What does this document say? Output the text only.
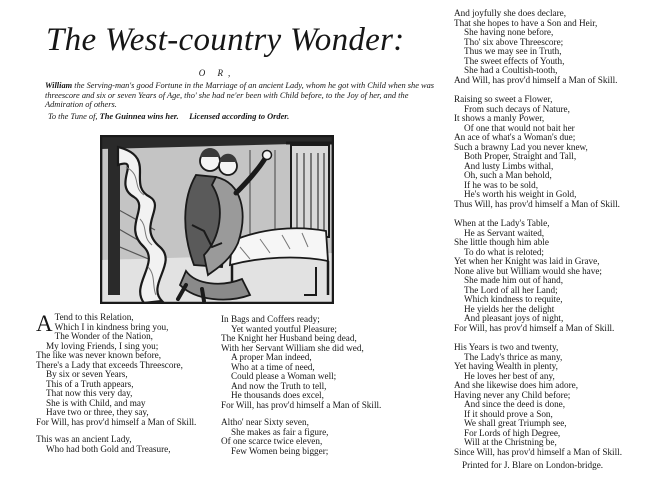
The West-country Wonder:
O R,
William the Serving-man's good Fortune in the Marriage of an ancient Lady, whom he got with Child when she was threescore and six or seven Years of Age, tho' she had ne'er been with Child before, to the Joy of her, and the Admiration of others.
To the Tune of, The Guinnea wins her. Licensed according to Order.
A Tend to this Relation,
Which I in kindness bring you,
The Wonder of the Nation,
My loving Friends, I sing you;
The like was never known before,
There's a Lady that exceeds Threescore,
By six or seven Years,
This of a Truth appears,
That now this very day,
She is with Child, and may
Have two or three, they say,
For Will, has prov'd himself a Man of Skill.
This was an ancient Lady,
Who had both Gold and Treasure,
In Bags and Coffers ready;
Yet wanted youtful Pleasure;
The Knight her Husband being dead,
With her Servant William she did wed,
A proper Man indeed,
Who at a time of need,
Could please a Woman well;
And now the Truth to tell,
He thousands does excel,
For Will, has prov'd himself a Man of Skill.
Altho' near Sixty seven,
She makes as fair a figure,
Of one scarce twice eleven,
Few Women being bigger;
And joyfully she does declare,
That she hopes to have a Son and Heir,
She having none before,
Tho' six above Threescore;
Thus we may see in Truth,
The sweet effects of Youth,
She had a Coultish-tooth,
And Will, has prov'd himself a Man of Skill.
Raising so sweet a Flower,
From such decays of Nature,
It shows a manly Power,
Of one that would not bait her
An ace of what's a Woman's due;
Such a brawny Lad you never knew,
Both Proper, Straight and Tall,
And lusty Limbs withal,
Oh, such a Man behold,
If he was to be sold,
He's worth his weight in Gold,
Thus Will, has prov'd himself a Man of Skill.
When at the Lady's Table,
He as Servant waited,
She little though him able
To do what is reloted;
Yet when her Knight was laid in Grave,
None alive but William would she have;
She made him out of hand,
The Lord of all her Land;
Which kindness to requite,
He yields her the delight
And pleasant joys of night,
For Will, has prov'd himself a Man of Skill.
His Years is two and twenty,
The Lady's thrice as many,
Yet having Wealth in plenty,
He loves her best of any,
And she likewise does him adore,
Having never any Child before;
And since the deed is done,
If it should prove a Son,
We shall great Triumph see,
For Lords of high Degree,
Will at the Christning be,
Since Will, has prov'd himself a Man of Skill.
Printed for J. Blare on London-bridge.
